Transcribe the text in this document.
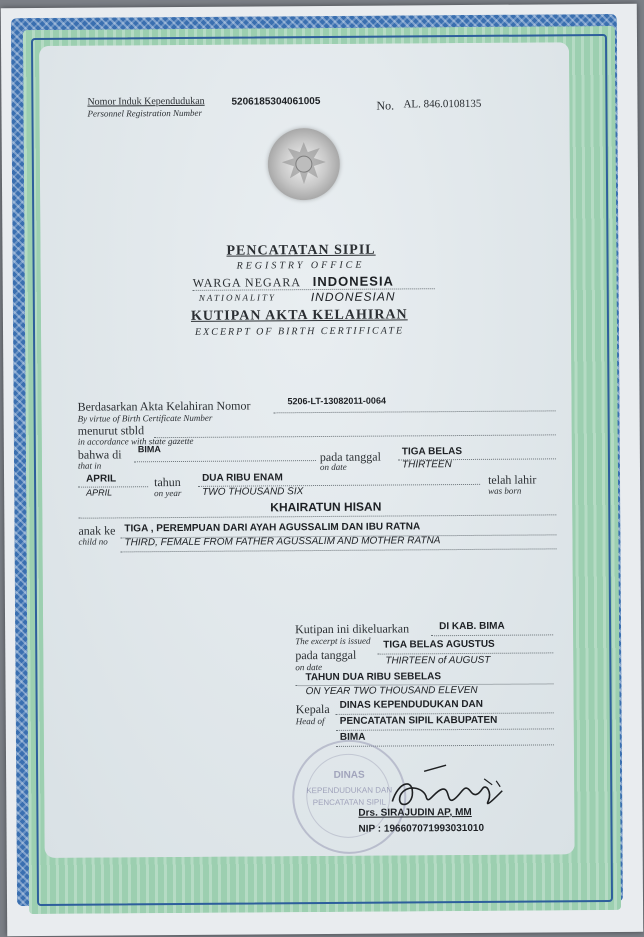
Nomor Induk Kependudukan
Personnel Registration Number
5206185304061005	No. AL. 846.0108135
PENCATATAN SIPIL
REGISTRY OFFICE
WARGA NEGARA INDONESIA
NATIONALITY	INDONESIAN
KUTIPAN AKTA KELAHIRAN
EXCERPT OF BIRTH CERTIFICATE
Berdasarkan Akta Kelahiran Nomor
By virtue of Birth Certificate Number
5206-LT-13082011-0064
menurut stbld
in accordance with state gazette
bahwa di
that in
BIMA
pada tanggal
on date
TIGA BELAS
THIRTEEN
APRIL
APRIL
tahun
on year
DUA RIBU ENAM
TWO THOUSAND SIX
telah lahir
was born
KHAIRATUN HISAN
anak ke
child no
TIGA , PEREMPUAN DARI AYAH AGUSSALIM DAN IBU RATNA
THIRD, FEMALE FROM FATHER AGUSSALIM AND MOTHER RATNA
Kutipan ini dikeluarkan
The excerpt is issued
DI KAB. BIMA
pada tanggal
on date
TIGA BELAS AGUSTUS
THIRTEEN of AUGUST
TAHUN DUA RIBU SEBELAS
ON YEAR TWO THOUSAND ELEVEN
Kepala
Head of
DINAS KEPENDUDUKAN DAN
PENCATATAN SIPIL KABUPATEN
BIMA
DINAS
KEPENDUDUKAN DAN
PENCATATAN SIPIL
Drs. SIRAJUDIN AP, MM
NIP : 196607071993031010
